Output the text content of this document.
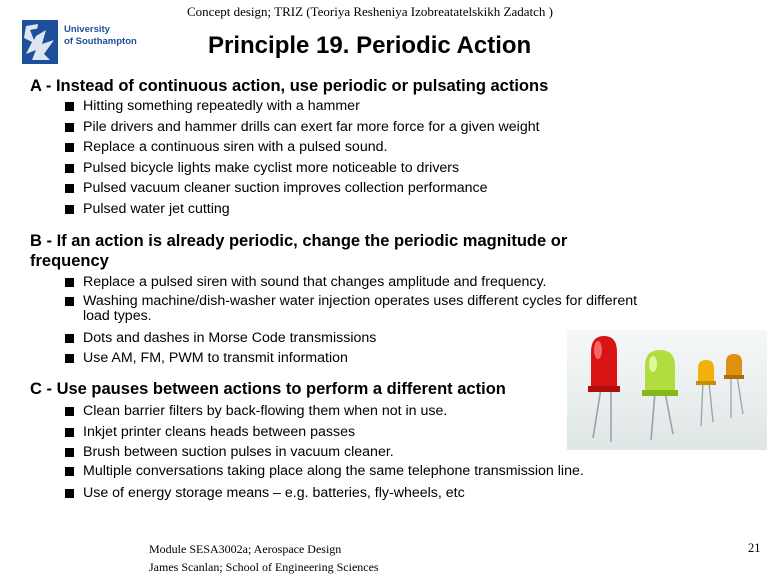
Concept design; TRIZ (Teoriya Resheniya Izobreatatelskikh Zadatch )
University
of Southampton	Principle 19. Periodic Action
A - Instead of continuous action, use periodic or pulsating actions
Hitting something repeatedly with a hammer
Pile drivers and hammer drills can exert far more force for a given weight
Replace a continuous siren with a pulsed sound.
Pulsed bicycle lights make cyclist more noticeable to drivers
Pulsed vacuum cleaner suction improves collection performance
Pulsed water jet cutting
B - If an action is already periodic, change the periodic magnitude or frequency
Replace a pulsed siren with sound that changes amplitude and frequency.
Washing machine/dish-washer water injection operates uses different cycles for different load types.
Dots and dashes in Morse Code transmissions
Use AM, FM, PWM to transmit information
C - Use pauses between actions to perform a different action
Clean barrier filters by back-flowing them when not in use.
Inkjet printer cleans heads between passes
Brush between suction pulses in vacuum cleaner.
Multiple conversations taking place along the same telephone transmission line.
Use of energy storage means – e.g. batteries, fly-wheels, etc
Module SESA3002a; Aerospace Design
James Scanlan; School of Engineering Sciences
21
